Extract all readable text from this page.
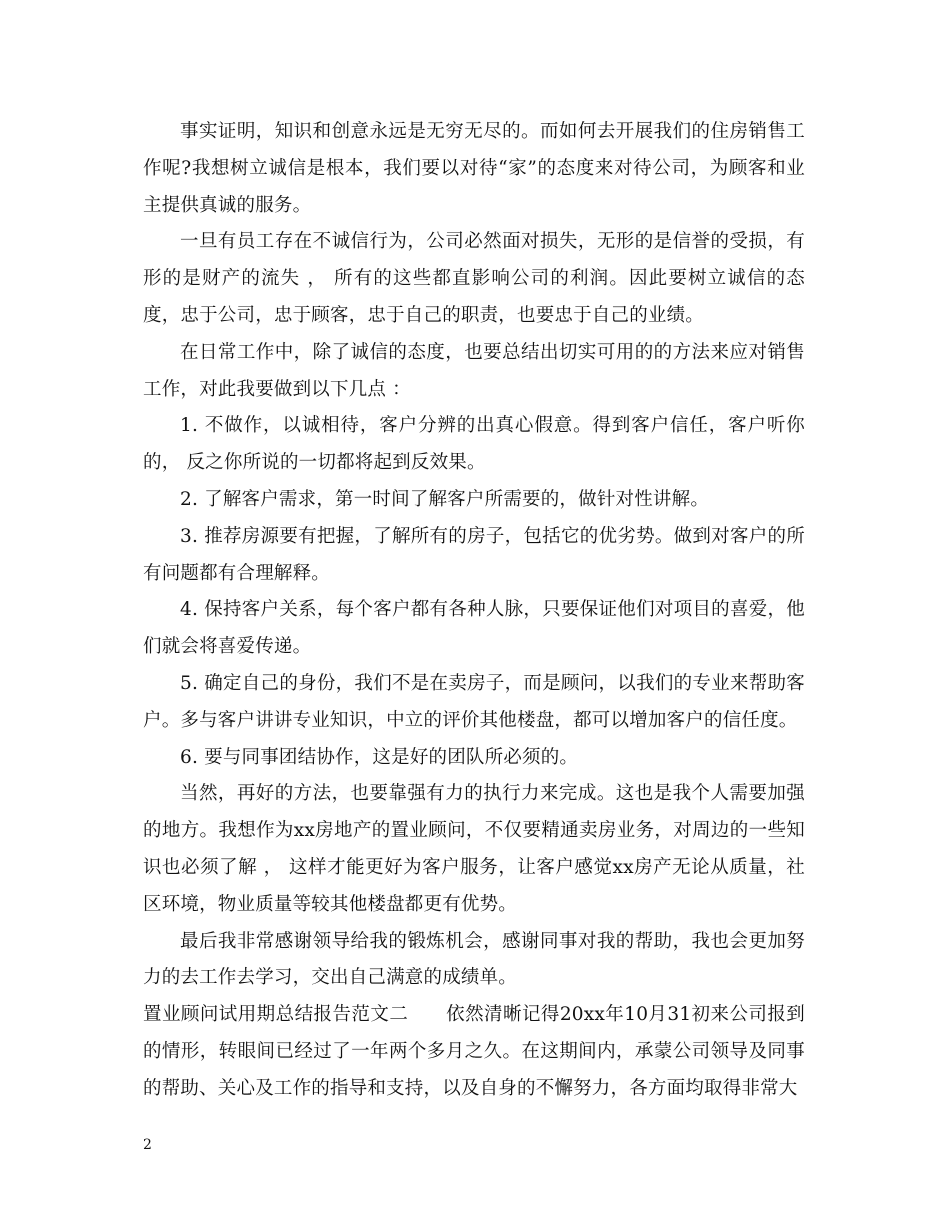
事实证明，知识和创意永远是无穷无尽的。而如何去开展我们的住房销售工作呢?我想树立诚信是根本，我们要以对待“家”的态度来对待公司，为顾客和业主提供真诚的服务。

一旦有员工存在不诚信行为，公司必然面对损失，无形的是信誉的受损，有形的是财产的流失 ， 所有的这些都直影响公司的利润。因此要树立诚信的态度，忠于公司，忠于顾客，忠于自己的职责，也要忠于自己的业绩。

在日常工作中，除了诚信的态度，也要总结出切实可用的的方法来应对销售工作，对此我要做到以下几点 ：

1. 不做作，以诚相待，客户分辨的出真心假意。得到客户信任，客户听你的， 反之你所说的一切都将起到反效果。

2. 了解客户需求，第一时间了解客户所需要的，做针对性讲解。

3. 推荐房源要有把握，了解所有的房子，包括它的优劣势。做到对客户的所有问题都有合理解释。

4. 保持客户关系，每个客户都有各种人脉，只要保证他们对项目的喜爱，他们就会将喜爱传递。

5. 确定自己的身份，我们不是在卖房子，而是顾问，以我们的专业来帮助客户。多与客户讲讲专业知识，中立的评价其他楼盘，都可以增加客户的信任度。

6. 要与同事团结协作，这是好的团队所必须的。

当然，再好的方法，也要靠强有力的执行力来完成。这也是我个人需要加强的地方。我想作为xx房地产的置业顾问，不仅要精通卖房业务，对周边的一些知识也必须了解 ， 这样才能更好为客户服务，让客户感觉xx房产无论从质量，社区环境，物业质量等较其他楼盘都更有优势。

最后我非常感谢领导给我的锻炼机会，感谢同事对我的帮助，我也会更加努力的去工作去学习，交出自己满意的成绩单。

置业顾问试用期总结报告范文二　　依然清晰记得20xx年10月31初来公司报到的情形，转眼间已经过了一年两个多月之久。在这期间内，承蒙公司领导及同事的帮助、关心及工作的指导和支持，以及自身的不懈努力，各方面均取得非常大

2
